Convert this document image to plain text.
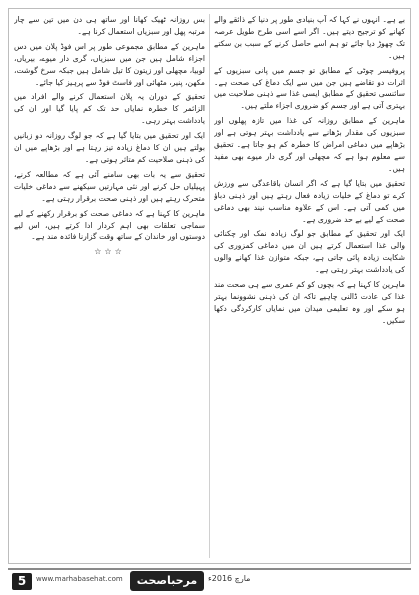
بے ہے۔ انہوں نے کہا کہ آپ بنیادی طور پر دنیا کے ذائقے والے کھانے کو ترجیح دیتے ہیں۔ اگر اسے اسی طرح طویل عرصہ تک چھوڑ دیا جائے تو ہم اسے حاصل کرنے کے سبب بن سکتے ہیں۔

پروفیسر چوٹی کے مطابق تو جسم میں پانی سبزیوں کے اثرات دو تقاضے ہیں جن میں سے ایک دماغ کی صحت ہے۔ سائنسی تحقیق کے مطابق ایسی غذا سے ذہنی صلاحیت میں بہتری آتی ہے اور جسم کو ضروری اجزاء ملتے ہیں۔

ماہرین کے مطابق روزانہ کی غذا میں تازہ پھلوں اور سبزیوں کی مقدار بڑھانے سے یادداشت بہتر ہوتی ہے اور بڑھاپے میں دماغی امراض کا خطرہ کم ہو جاتا ہے۔ تحقیق سے معلوم ہوا ہے کہ مچھلی اور گری دار میوے بھی مفید ہیں۔

تحقیق میں بتایا گیا ہے کہ اگر انسان باقاعدگی سے ورزش کرے تو دماغ کے خلیات زیادہ فعال رہتے ہیں اور ذہنی دباؤ میں کمی آتی ہے۔ اس کے علاوہ مناسب نیند بھی دماغی صحت کے لیے بے حد ضروری ہے۔

ایک اور تحقیق کے مطابق جو لوگ زیادہ نمک اور چکنائی والی غذا استعمال کرتے ہیں ان میں دماغی کمزوری کی شکایت زیادہ پائی جاتی ہے، جبکہ متوازن غذا کھانے والوں کی یادداشت بہتر رہتی ہے۔

ماہرین کا کہنا ہے کہ بچوں کو کم عمری سے ہی صحت مند غذا کی عادت ڈالنی چاہیے تاکہ ان کی ذہنی نشوونما بہتر ہو سکے اور وہ تعلیمی میدان میں نمایاں کارکردگی دکھا سکیں۔

بس روزانہ ٹھیک کھانا اور ساتھ ہی دن میں تین سے چار مرتبہ پھل اور سبزیاں استعمال کرنا ہے۔

ماہرین کے مطابق مجموعی طور پر اس فوڈ پلان میں دس اجزاء شامل ہیں جن میں سبزیاں، گری دار میوے، بیریاں، لوبیا، مچھلی اور زیتون کا تیل شامل ہیں جبکہ سرخ گوشت، مکھن، پنیر، مٹھائی اور فاسٹ فوڈ سے پرہیز کیا جائے۔

تحقیق کے دوران یہ پلان استعمال کرنے والے افراد میں الزائمر کا خطرہ نمایاں حد تک کم پایا گیا اور ان کی یادداشت بہتر رہی۔

ایک اور تحقیق میں بتایا گیا ہے کہ جو لوگ روزانہ دو زبانیں بولتے ہیں ان کا دماغ زیادہ تیز رہتا ہے اور بڑھاپے میں ان کی ذہنی صلاحیت کم متاثر ہوتی ہے۔

تحقیق سے یہ بات بھی سامنے آئی ہے کہ مطالعہ کرنے، پہیلیاں حل کرنے اور نئی مہارتیں سیکھنے سے دماغی خلیات متحرک رہتے ہیں اور ذہنی صحت برقرار رہتی ہے۔

ماہرین کا کہنا ہے کہ دماغی صحت کو برقرار رکھنے کے لیے سماجی تعلقات بھی اہم کردار ادا کرتے ہیں، اس لیے دوستوں اور خاندان کے ساتھ وقت گزارنا فائدہ مند ہے۔

☆☆☆
5	www.marhabasehat.com	مرحباصحت	مارچ 2016ء
